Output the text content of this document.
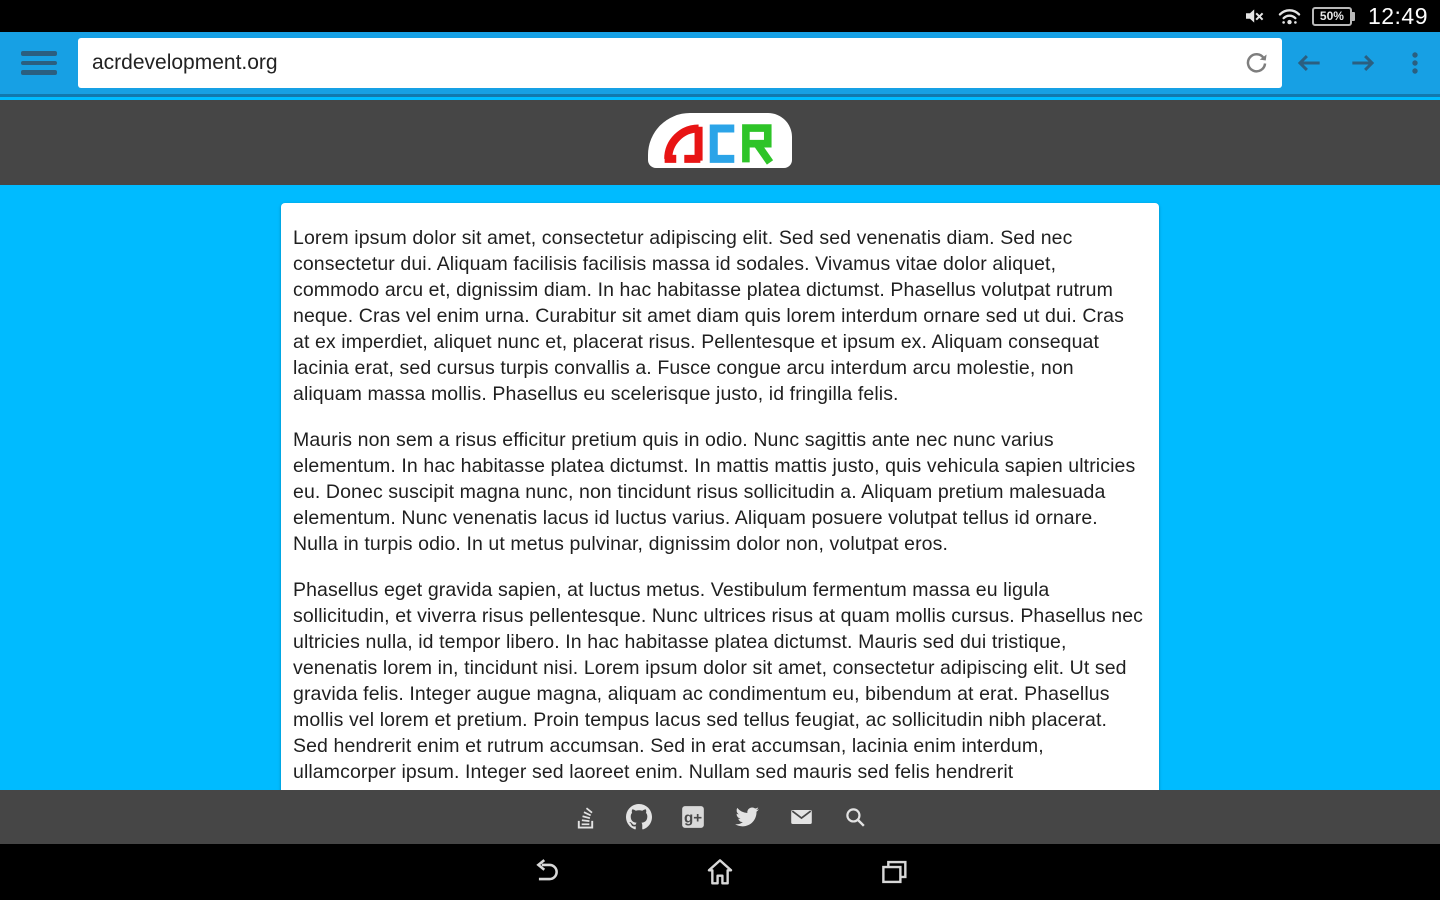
50% 12:49
acrdevelopment.org

Lorem ipsum dolor sit amet, consectetur adipiscing elit. Sed sed venenatis diam. Sed nec consectetur dui. Aliquam facilisis facilisis massa id sodales. Vivamus vitae dolor aliquet, commodo arcu et, dignissim diam. In hac habitasse platea dictumst. Phasellus volutpat rutrum neque. Cras vel enim urna. Curabitur sit amet diam quis lorem interdum ornare sed ut dui. Cras at ex imperdiet, aliquet nunc et, placerat risus. Pellentesque et ipsum ex. Aliquam consequat lacinia erat, sed cursus turpis convallis a. Fusce congue arcu interdum arcu molestie, non aliquam massa mollis. Phasellus eu scelerisque justo, id fringilla felis.

Mauris non sem a risus efficitur pretium quis in odio. Nunc sagittis ante nec nunc varius elementum. In hac habitasse platea dictumst. In mattis mattis justo, quis vehicula sapien ultricies eu. Donec suscipit magna nunc, non tincidunt risus sollicitudin a. Aliquam pretium malesuada elementum. Nunc venenatis lacus id luctus varius. Aliquam posuere volutpat tellus id ornare. Nulla in turpis odio. In ut metus pulvinar, dignissim dolor non, volutpat eros.

Phasellus eget gravida sapien, at luctus metus. Vestibulum fermentum massa eu ligula sollicitudin, et viverra risus pellentesque. Nunc ultrices risus at quam mollis cursus. Phasellus nec ultricies nulla, id tempor libero. In hac habitasse platea dictumst. Mauris sed dui tristique, venenatis lorem in, tincidunt nisi. Lorem ipsum dolor sit amet, consectetur adipiscing elit. Ut sed gravida felis. Integer augue magna, aliquam ac condimentum eu, bibendum at erat. Phasellus mollis vel lorem et pretium. Proin tempus lacus sed tellus feugiat, ac sollicitudin nibh placerat. Sed hendrerit enim et rutrum accumsan. Sed in erat accumsan, lacinia enim interdum, ullamcorper ipsum. Integer sed laoreet enim. Nullam sed mauris sed felis hendrerit

g+
